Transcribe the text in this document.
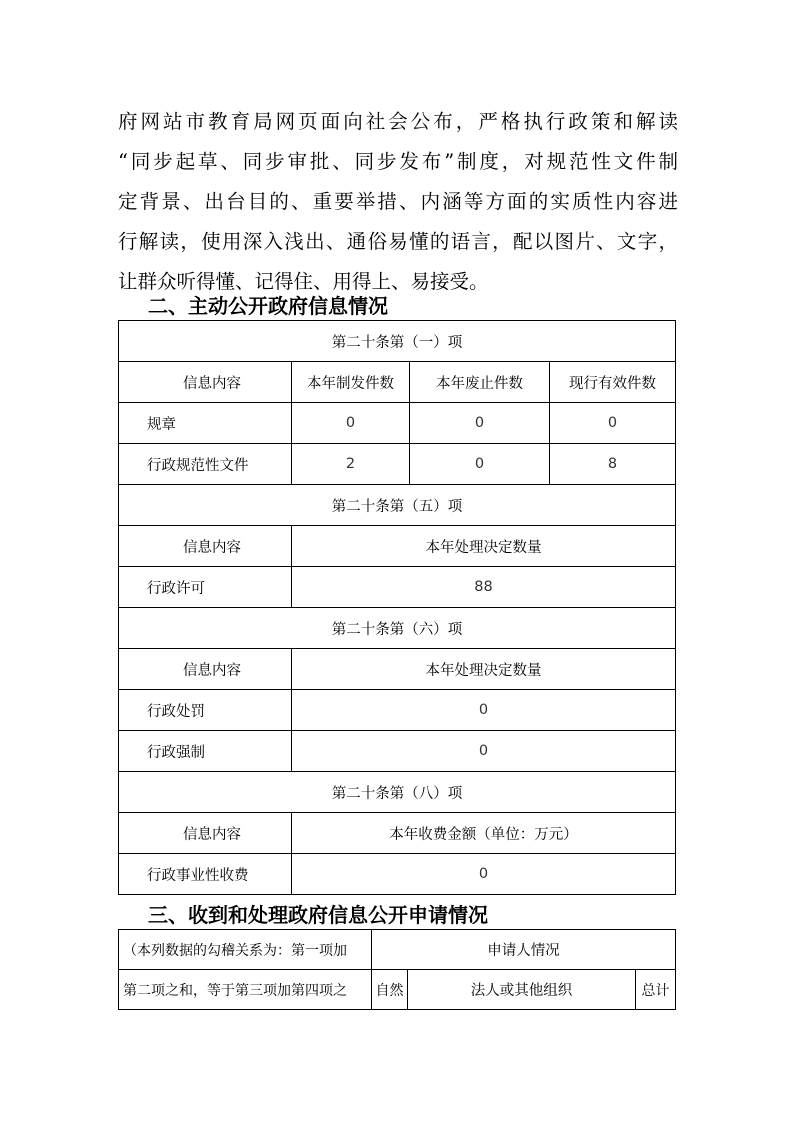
府网站市教育局网页面向社会公布，严格执行政策和解读
“同步起草、同步审批、同步发布”制度，对规范性文件制
定背景、出台目的、重要举措、内涵等方面的实质性内容进
行解读，使用深入浅出、通俗易懂的语言，配以图片、文字，
让群众听得懂、记得住、用得上、易接受。
二、主动公开政府信息情况
第二十条第（一）项			
信息内容	本年制发件数	本年废止件数	现行有效件数
规章	0	0	0
行政规范性文件	2	0	8
第二十条第（五）项			
信息内容	本年处理决定数量		
行政许可	88		
第二十条第（六）项			
信息内容	本年处理决定数量		
行政处罚	0		
行政强制	0		
第二十条第（八）项			
信息内容	本年收费金额（单位：万元）		
行政事业性收费	0		
三、收到和处理政府信息公开申请情况
（本列数据的勾稽关系为：第一项加	申请人情况		
第二项之和，等于第三项加第四项之	自然	法人或其他组织	总计
